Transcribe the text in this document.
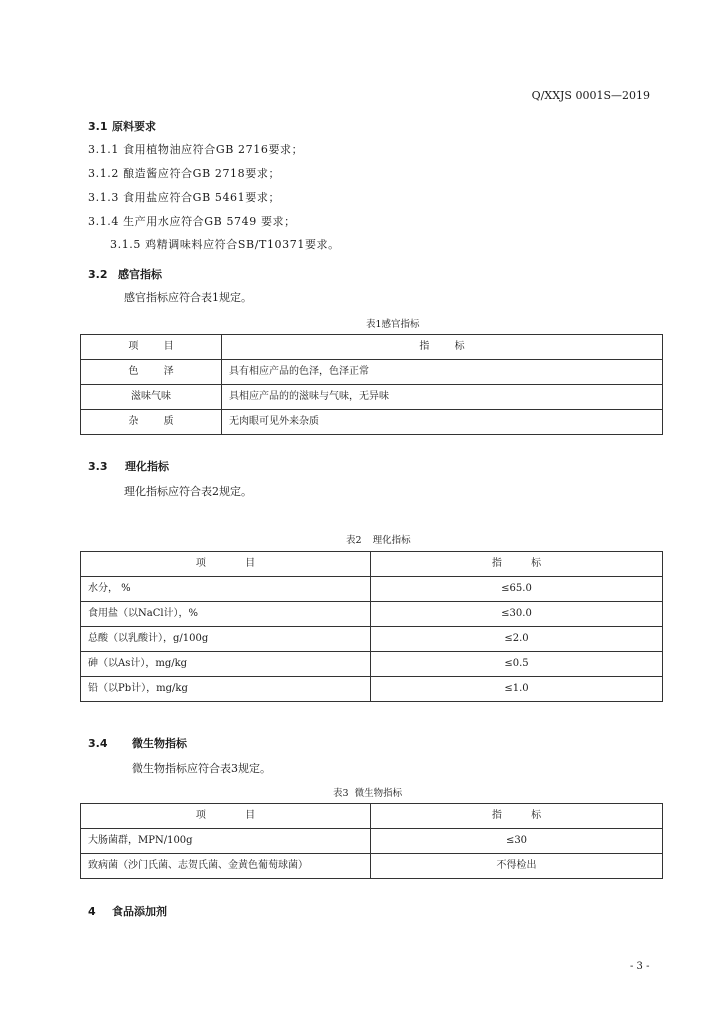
Q/XXJS 0001S—2019
3.1 原料要求
3.1.1 食用植物油应符合GB 2716要求；
3.1.2 酿造酱应符合GB 2718要求；
3.1.3 食用盐应符合GB 5461要求；
3.1.4 生产用水应符合GB 5749 要求；
3.1.5 鸡精调味料应符合SB/T10371要求。
3.2 感官指标
感官指标应符合表1规定。
表1感官指标
项 目	指 标
色 泽	具有相应产品的色泽，色泽正常
滋味气味	具相应产品的的滋味与气味，无异味
杂 质	无肉眼可见外来杂质
3.3 理化指标
理化指标应符合表2规定。
表2 理化指标
项 目	指 标
水分， %	≤65.0
食用盐（以NaCl计），%	≤30.0
总酸（以乳酸计），g/100g	≤2.0
砷（以As计），mg/kg	≤0.5
铅（以Pb计），mg/kg	≤1.0
3.4 微生物指标
微生物指标应符合表3规定。
表3 微生物指标
项 目	指 标
大肠菌群，MPN/100g	≤30
致病菌（沙门氏菌、志贺氏菌、金黄色葡萄球菌）	不得检出
4 食品添加剂
- 3 -
